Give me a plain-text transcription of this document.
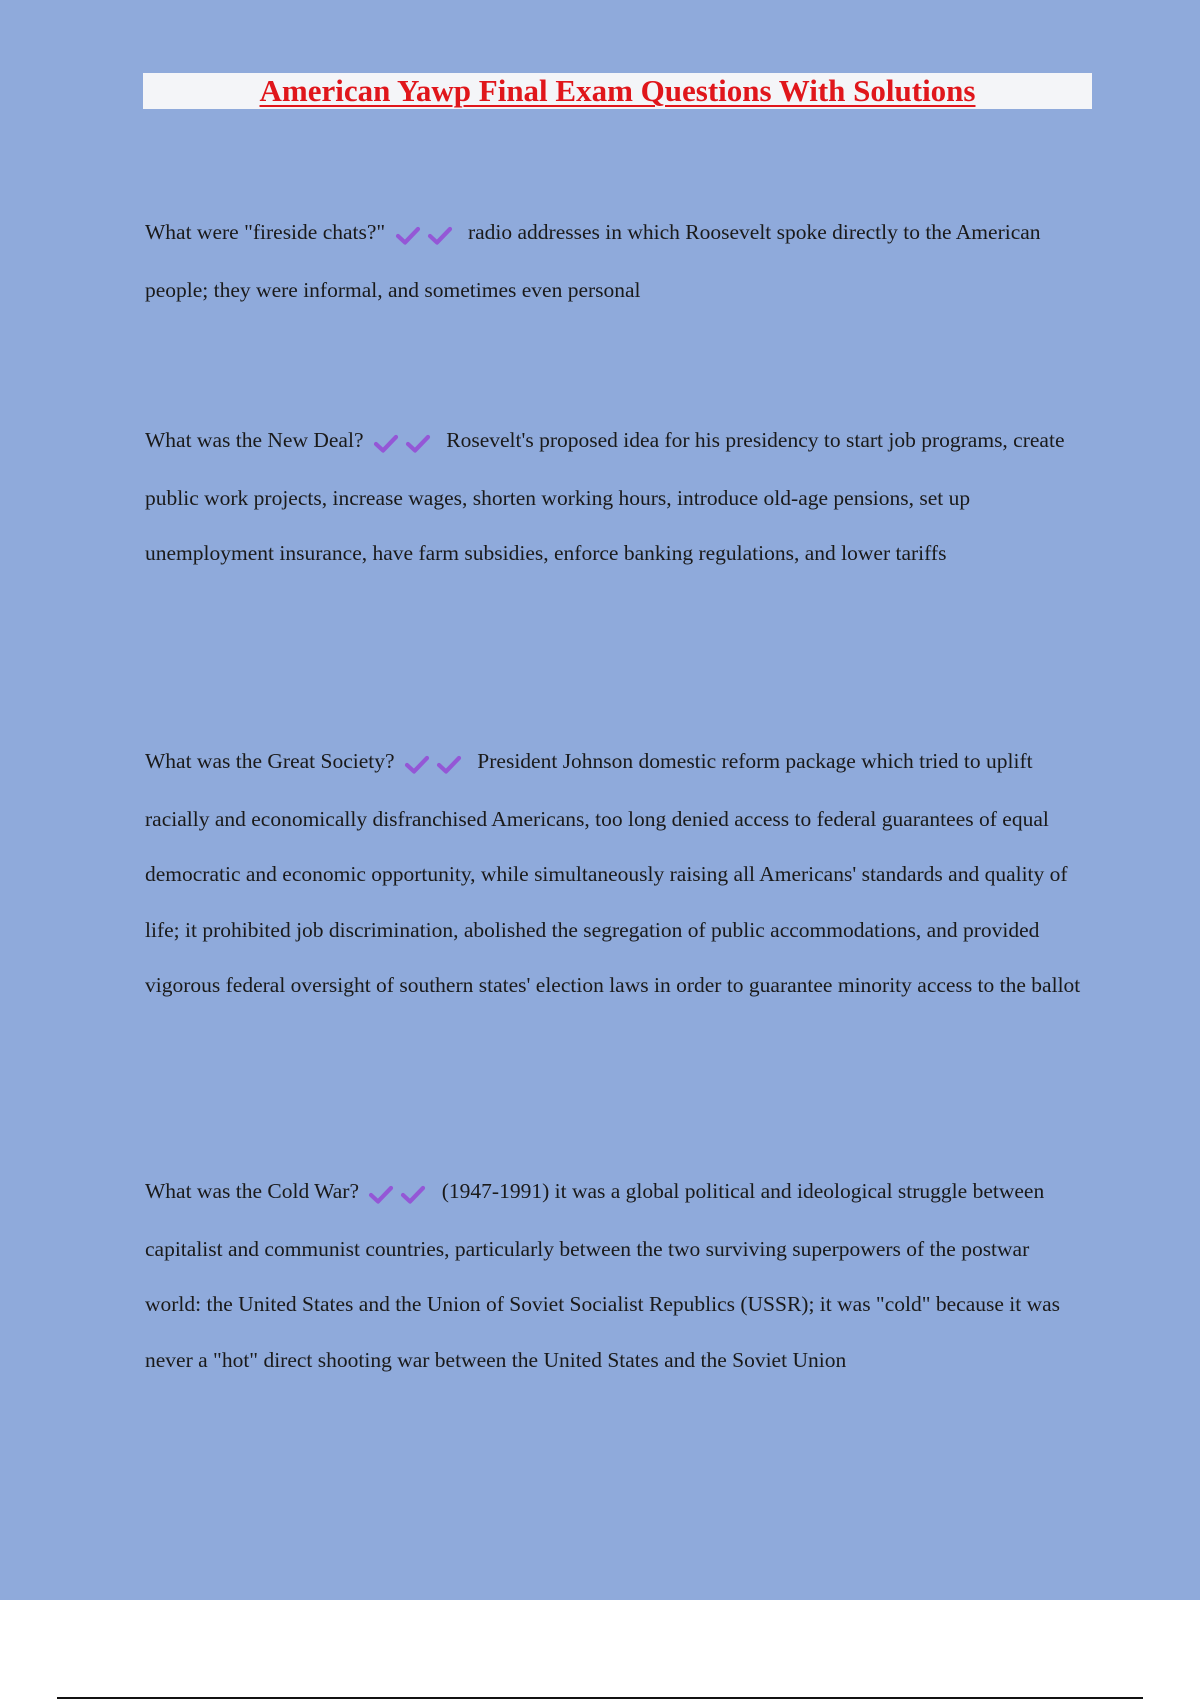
American Yawp Final Exam Questions With Solutions

What were "fireside chats?"	radio addresses in which Roosevelt spoke directly to the American people; they were informal, and sometimes even personal

What was the New Deal?	Rosevelt's proposed idea for his presidency to start job programs, create public work projects, increase wages, shorten working hours, introduce old-age pensions, set up unemployment insurance, have farm subsidies, enforce banking regulations, and lower tariffs

What was the Great Society?	President Johnson domestic reform package which tried to uplift racially and economically disfranchised Americans, too long denied access to federal guarantees of equal democratic and economic opportunity, while simultaneously raising all Americans' standards and quality of life; it prohibited job discrimination, abolished the segregation of public accommodations, and provided vigorous federal oversight of southern states' election laws in order to guarantee minority access to the ballot

What was the Cold War?	(1947-1991) it was a global political and ideological struggle between capitalist and communist countries, particularly between the two surviving superpowers of the postwar world: the United States and the Union of Soviet Socialist Republics (USSR); it was "cold" because it was never a "hot" direct shooting war between the United States and the Soviet Union
